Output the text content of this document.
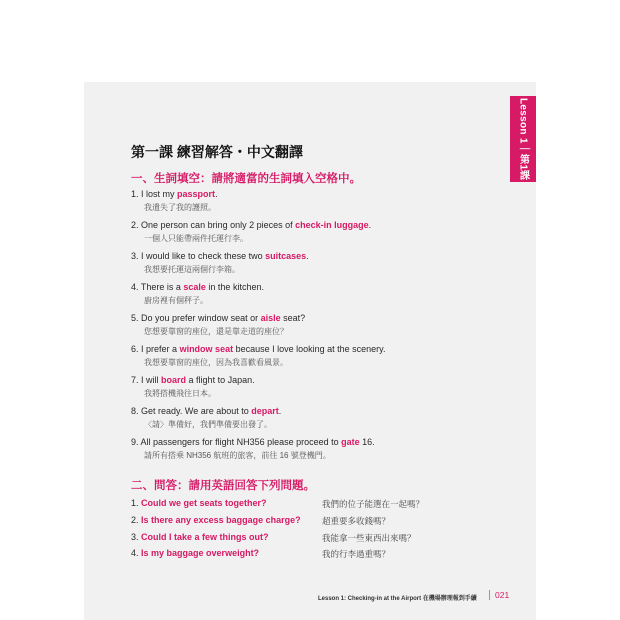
Lesson 1｜第1課
第一課 練習解答・中文翻譯
一、生詞填空：請將適當的生詞填入空格中。
1. I lost my passport.
我遺失了我的護照。
2. One person can bring only 2 pieces of check-in luggage.
一個人只能帶兩件托運行李。
3. I would like to check these two suitcases.
我想要托運這兩個行李箱。
4. There is a scale in the kitchen.
廚房裡有個秤子。
5. Do you prefer window seat or aisle seat?
您想要靠窗的座位，還是靠走道的座位？
6. I prefer a window seat because I love looking at the scenery.
我想要靠窗的座位，因為我喜歡看風景。
7. I will board a flight to Japan.
我將搭機飛往日本。
8. Get ready. We are about to depart.
〈請〉準備好，我們準備要出發了。
9. All passengers for flight NH356 please proceed to gate 16.
請所有搭乘 NH356 航班的旅客，前往 16 號登機門。
二、問答：請用英語回答下列問題。
1. Could we get seats together?	我們的位子能選在一起嗎？
2. Is there any excess baggage charge?	超重要多收錢嗎？
3. Could I take a few things out?	我能拿一些東西出來嗎？
4. Is my baggage overweight?	我的行李過重嗎？
Lesson 1: Checking-in at the Airport 在機場辦理報到手續	021
